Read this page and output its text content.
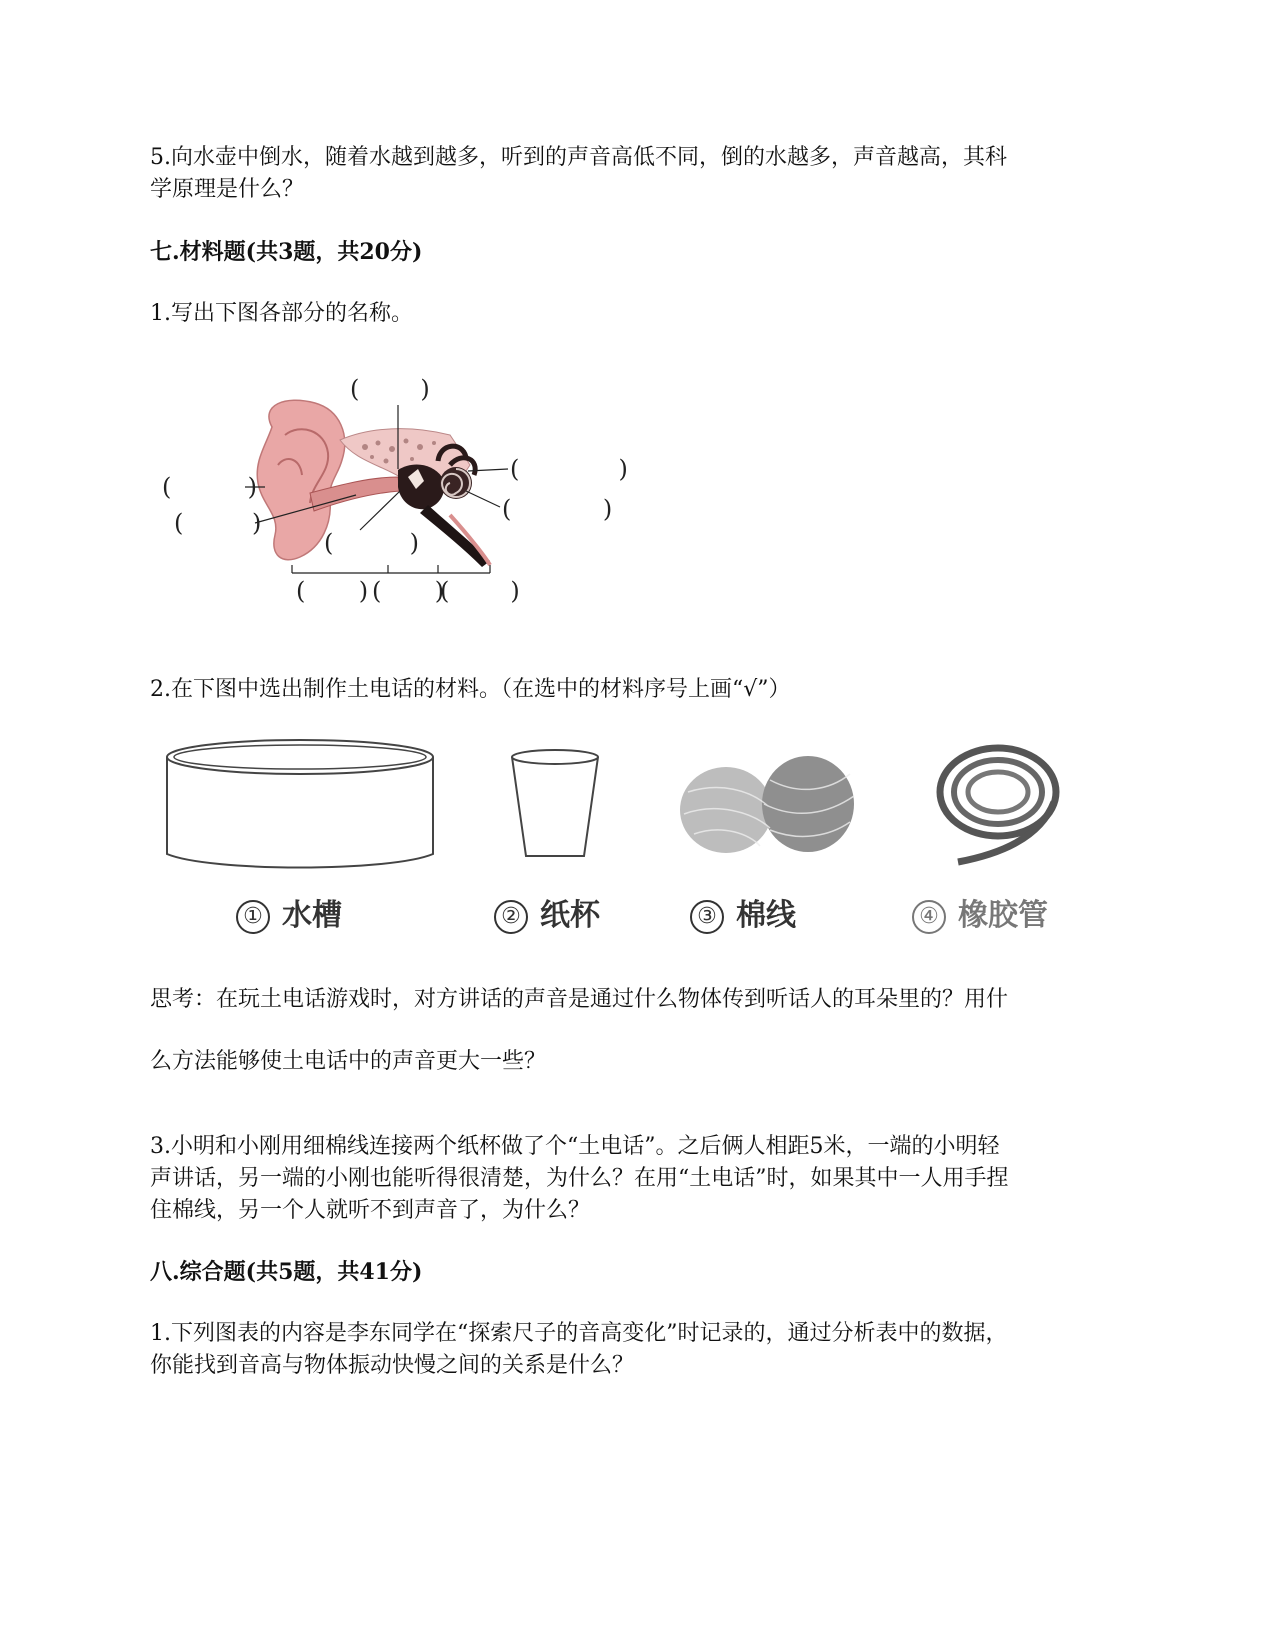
5.向水壶中倒水，随着水越到越多，听到的声音高低不同，倒的水越多，声音越高，其科
学原理是什么？

七.材料题(共3题，共20分)

1.写出下图各部分的名称。

(        )
(             )
(            )
(          )
(         )
(          )
(       ) (       )
(        )

2.在下图中选出制作土电话的材料。（在选中的材料序号上画“√”）

① 水槽	② 纸杯	③ 棉线	④ 橡胶管

思考：在玩土电话游戏时，对方讲话的声音是通过什么物体传到听话人的耳朵里的？用什

么方法能够使土电话中的声音更大一些？

3.小明和小刚用细棉线连接两个纸杯做了个“土电话”。之后俩人相距5米，一端的小明轻
声讲话，另一端的小刚也能听得很清楚，为什么？在用“土电话”时，如果其中一人用手捏
住棉线，另一个人就听不到声音了，为什么？

八.综合题(共5题，共41分)

1.下列图表的内容是李东同学在“探索尺子的音高变化”时记录的，通过分析表中的数据，
你能找到音高与物体振动快慢之间的关系是什么？
